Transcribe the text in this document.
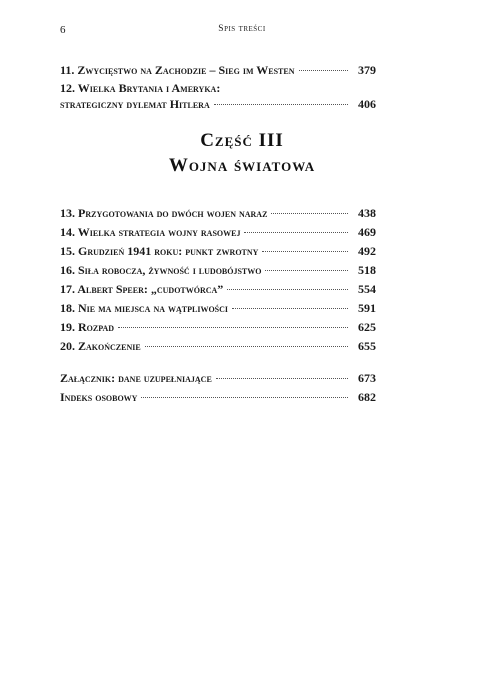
6	Spis treści
11. Zwycięstwo na Zachodzie – Sieg im Westen	379
12. Wielka Brytania i Ameryka:
strategiczny dylemat Hitlera	406
Część III
Wojna światowa
13. Przygotowania do dwóch wojen naraz	438
14. Wielka strategia wojny rasowej	469
15. Grudzień 1941 roku: punkt zwrotny	492
16. Siła robocza, żywność i ludobójstwo	518
17. Albert Speer: „cudotwórca”	554
18. Nie ma miejsca na wątpliwości	591
19. Rozpad	625
20. Zakończenie	655
Załącznik: dane uzupełniające	673
Indeks osobowy	682
